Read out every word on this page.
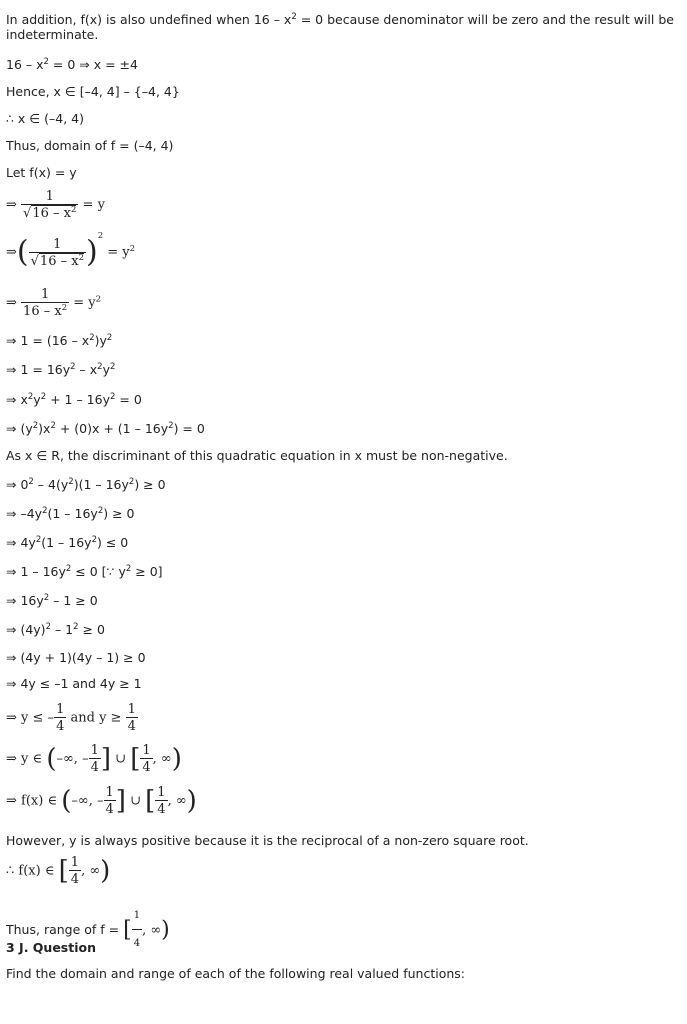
In addition, f(x) is also undefined when $16 - x^2 = 0$ because denominator will be zero and the result will be indeterminate.
$16 - x^2 = 0$ ⇒ x = ±4
Hence, x ∈ [–4, 4] – {–4, 4}
∴ x ∈ (–4, 4)
Thus, domain of f = (–4, 4)
Let f(x) = y
⇒ $\frac{1}{√16 - x^2} = y$
⇒( $\frac{1}{√16 - x^2} )^2 = y^2$
⇒ $\frac{1}{16 - x^2} = y^2$
⇒ $1 = (16 - x^2)y^2$
⇒ $1 = 16y^2 - x^2y^2$
⇒ $x^2y^2 + 1 - 16y^2 = 0$
⇒ $(y^2)x^2 + (0)x + (1 - 16y^2) = 0$
As x ∈ R, the discriminant of this quadratic equation in x must be non-negative.
⇒ $0^2 - 4(y^2)(1 - 16y^2) \ge 0$
⇒ $-4y^2(1 - 16y^2) \ge 0$
⇒ $4y^2(1 - 16y^2) \le 0$
⇒ $1 - 16y^2 \le 0$ [∵ $y^2 \ge 0$]
⇒ $16y^2 - 1 \ge 0$
⇒ $(4y)^2 - 1^2 \ge 0$
⇒ (4y + 1)(4y – 1) ≥ 0
⇒ 4y ≤ –1 and 4y ≥ 1
⇒ y ≤ – $\frac{1}{4}$ and $y \ge \frac{1}{4}$
⇒ y ∈ (–∞, – $\frac{1}{4}$ ] ∪ [ $\frac{1}{4}$ , ∞)
⇒ f(x) ∈ (–∞, – $\frac{1}{4}$ ] ∪ [ $\frac{1}{4}$ , ∞)
However, y is always positive because it is the reciprocal of a non-zero square root.
∴ f(x) ∈ [ $\frac{1}{4}$ , ∞)
Thus, range of f = [ $\frac{1}{4}$ , ∞)
3 J. Question
Find the domain and range of each of the following real valued functions:
